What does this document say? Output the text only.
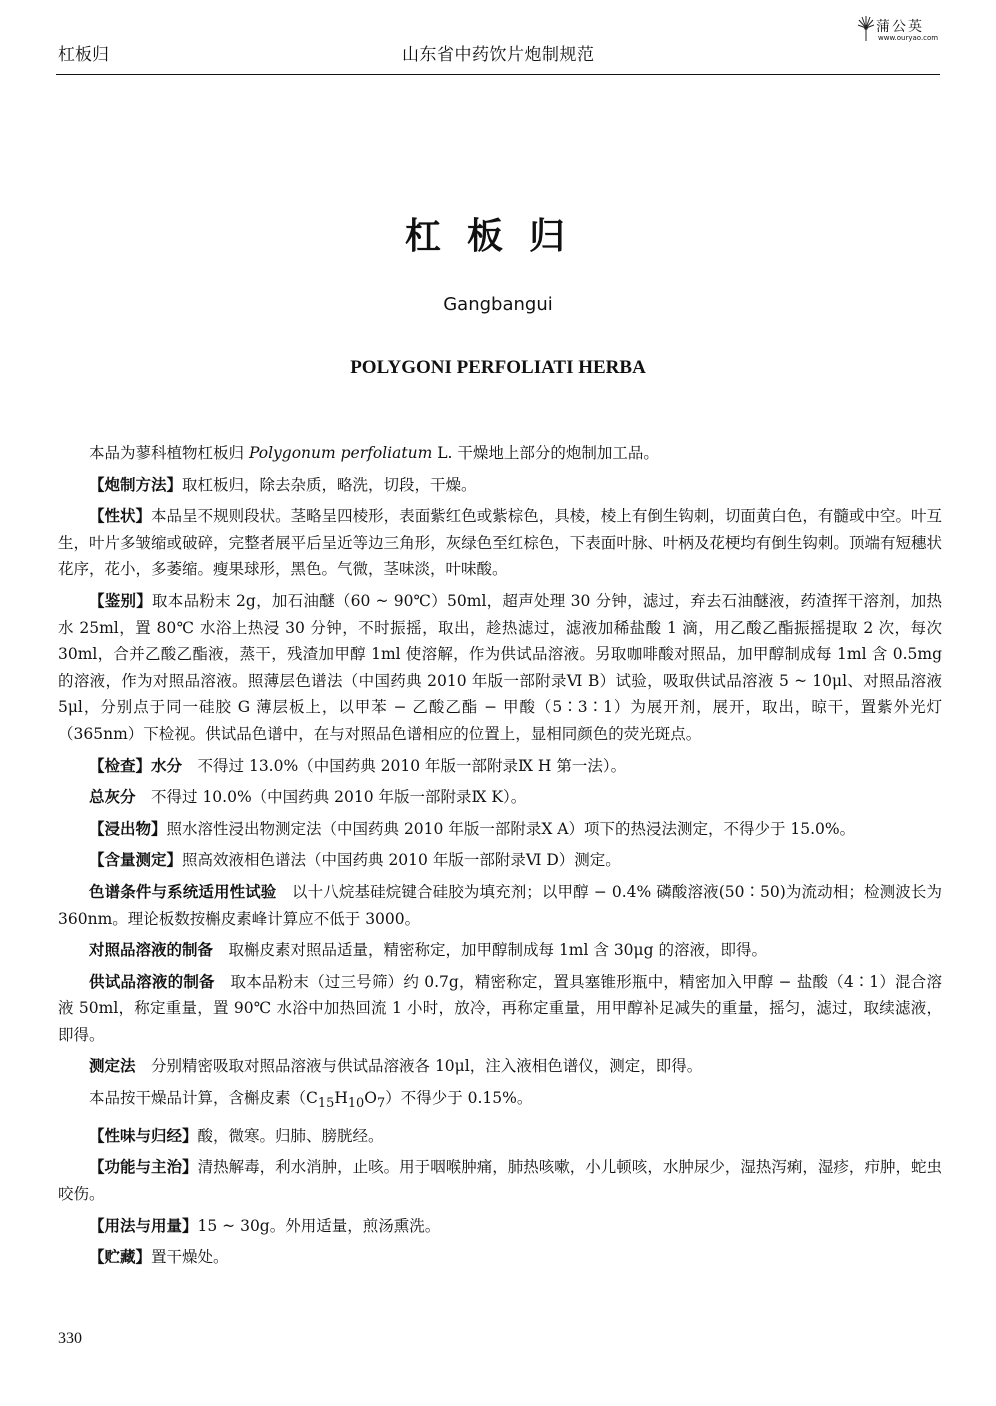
杠板归	山东省中药饮片炮制规范
蒲公英
www.ouryao.com
杠板归
Gangbangui
POLYGONI PERFOLIATI HERBA

本品为蓼科植物杠板归 Polygonum perfoliatum L. 干燥地上部分的炮制加工品。

【炮制方法】取杠板归，除去杂质，略洗，切段，干燥。

【性状】本品呈不规则段状。茎略呈四棱形，表面紫红色或紫棕色，具棱，棱上有倒生钩刺，切面黄白色，有髓或中空。叶互生，叶片多皱缩或破碎，完整者展平后呈近等边三角形，灰绿色至红棕色，下表面叶脉、叶柄及花梗均有倒生钩刺。顶端有短穗状花序，花小，多萎缩。瘦果球形，黑色。气微，茎味淡，叶味酸。

【鉴别】取本品粉末 2g，加石油醚（60 ~ 90℃）50ml，超声处理 30 分钟，滤过，弃去石油醚液，药渣挥干溶剂，加热水 25ml，置 80℃ 水浴上热浸 30 分钟，不时振摇，取出，趁热滤过，滤液加稀盐酸 1 滴，用乙酸乙酯振摇提取 2 次，每次 30ml，合并乙酸乙酯液，蒸干，残渣加甲醇 1ml 使溶解，作为供试品溶液。另取咖啡酸对照品，加甲醇制成每 1ml 含 0.5mg 的溶液，作为对照品溶液。照薄层色谱法（中国药典 2010 年版一部附录Ⅵ B）试验，吸取供试品溶液 5 ~ 10μl、对照品溶液 5μl，分别点于同一硅胶 G 薄层板上，以甲苯 − 乙酸乙酯 − 甲酸（5∶3∶1）为展开剂，展开，取出，晾干，置紫外光灯（365nm）下检视。供试品色谱中，在与对照品色谱相应的位置上，显相同颜色的荧光斑点。

【检查】水分　不得过 13.0%（中国药典 2010 年版一部附录Ⅸ H 第一法）。

总灰分　不得过 10.0%（中国药典 2010 年版一部附录Ⅸ K）。

【浸出物】照水溶性浸出物测定法（中国药典 2010 年版一部附录Ⅹ A）项下的热浸法测定，不得少于 15.0%。

【含量测定】照高效液相色谱法（中国药典 2010 年版一部附录Ⅵ D）测定。

色谱条件与系统适用性试验　以十八烷基硅烷键合硅胶为填充剂；以甲醇 − 0.4% 磷酸溶液(50∶50)为流动相；检测波长为 360nm。理论板数按槲皮素峰计算应不低于 3000。

对照品溶液的制备　取槲皮素对照品适量，精密称定，加甲醇制成每 1ml 含 30μg 的溶液，即得。

供试品溶液的制备　取本品粉末（过三号筛）约 0.7g，精密称定，置具塞锥形瓶中，精密加入甲醇 − 盐酸（4∶1）混合溶液 50ml，称定重量，置 90℃ 水浴中加热回流 1 小时，放冷，再称定重量，用甲醇补足减失的重量，摇匀，滤过，取续滤液，即得。

测定法　分别精密吸取对照品溶液与供试品溶液各 10μl，注入液相色谱仪，测定，即得。

本品按干燥品计算，含槲皮素$(C_{15}H_{10}O_7)$不得少于 0.15%。

【性味与归经】酸，微寒。归肺、膀胱经。

【功能与主治】清热解毒，利水消肿，止咳。用于咽喉肿痛，肺热咳嗽，小儿顿咳，水肿尿少，湿热泻痢，湿疹，疖肿，蛇虫咬伤。

【用法与用量】15 ~ 30g。外用适量，煎汤熏洗。

【贮藏】置干燥处。

330
